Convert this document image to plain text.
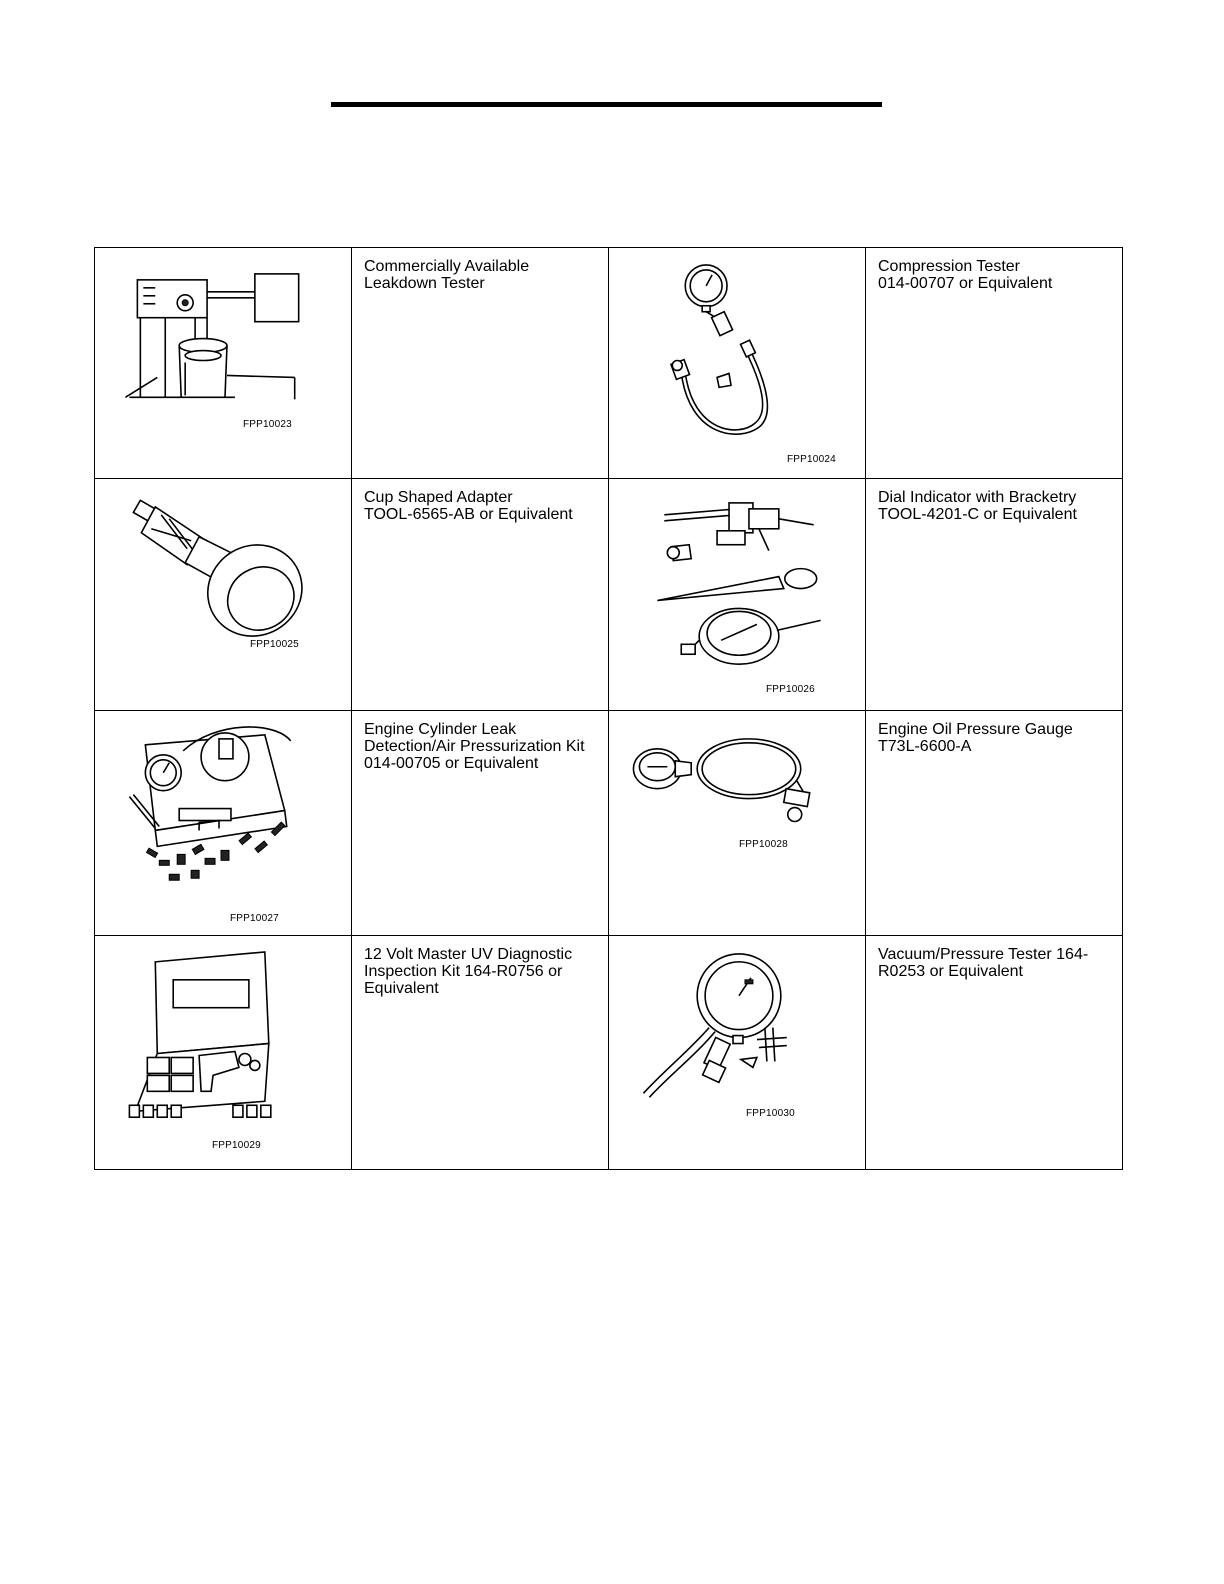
FPP10023	Commercially Available
Leakdown Tester	FPP10024	Compression Tester
014-00707 or Equivalent

FPP10025	Cup Shaped Adapter
TOOL-6565-AB or Equivalent	FPP10026	Dial Indicator with Bracketry
TOOL-4201-C or Equivalent

FPP10027	Engine Cylinder Leak
Detection/Air Pressurization Kit
014-00705 or Equivalent	FPP10028	Engine Oil Pressure Gauge
T73L-6600-A

FPP10029	12 Volt Master UV Diagnostic
Inspection Kit 164-R0756 or
Equivalent	FPP10030	Vacuum/Pressure Tester 164-
R0253 or Equivalent
